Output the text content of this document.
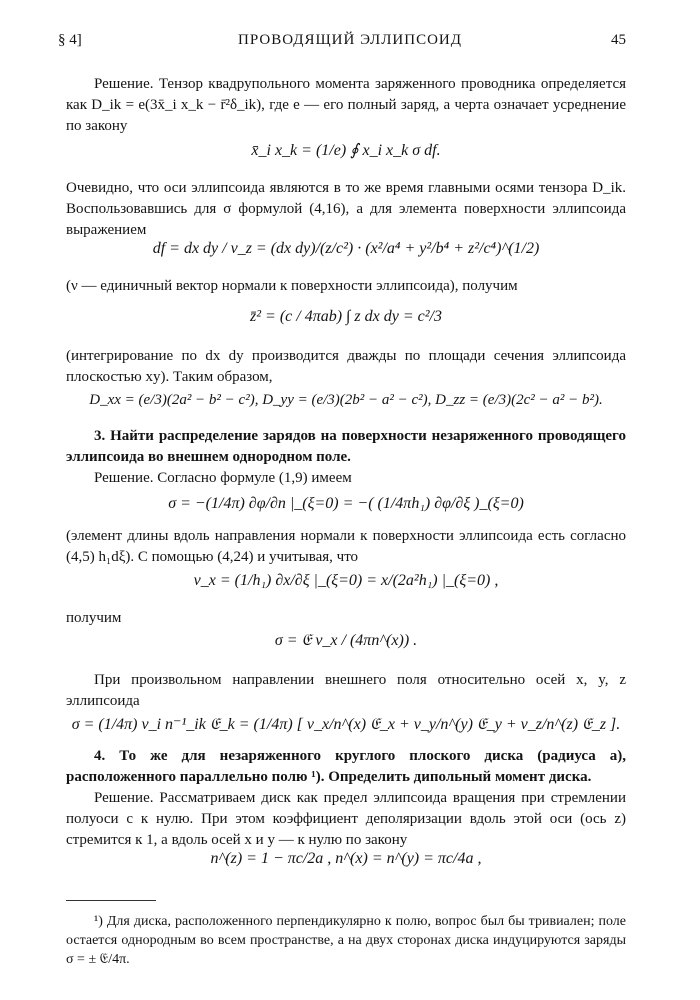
§ 4]	ПРОВОДЯЩИЙ ЭЛЛИПСОИД	45
Решение. Тензор квадрупольного момента заряженного проводника определяется как D_ik = e(3x̄_i x_k − r̄²δ_ik), где e — его полный заряд, а черта означает усреднение по закону
x̄_i x_k = (1/e) ∮ x_i x_k σ df.
Очевидно, что оси эллипсоида являются в то же время главными осями тензора D_ik. Воспользовавшись для σ формулой (4,16), а для элемента поверхности эллипсоида выражением
df = dx dy / ν_z = (dx dy)/(z/c²) · (x²/a⁴ + y²/b⁴ + z²/c⁴)^(1/2)
(ν — единичный вектор нормали к поверхности эллипсоида), получим
z̄² = (c / 4πab) ∫ z dx dy = c²/3
(интегрирование по dx dy производится дважды по площади сечения эллипсоида плоскостью xy). Таким образом,
D_xx = (e/3)(2a² − b² − c²), D_yy = (e/3)(2b² − a² − c²), D_zz = (e/3)(2c² − a² − b²).
3. Найти распределение зарядов на поверхности незаряженного проводящего эллипсоида во внешнем однородном поле.
Решение. Согласно формуле (1,9) имеем
σ = −(1/4π) ∂φ/∂n |_(ξ=0) = −( (1/4πh₁) ∂φ/∂ξ )_(ξ=0)
(элемент длины вдоль направления нормали к поверхности эллипсоида есть согласно (4,5) h₁dξ). С помощью (4,24) и учитывая, что
ν_x = (1/h₁) ∂x/∂ξ |_(ξ=0) = x/(2a²h₁) |_(ξ=0) ,
получим
σ = 𝔈 ν_x / (4πn^(x)) .
При произвольном направлении внешнего поля относительно осей x, y, z эллипсоида
σ = (1/4π) ν_i n⁻¹_ik 𝔈_k = (1/4π) [ ν_x/n^(x) 𝔈_x + ν_y/n^(y) 𝔈_y + ν_z/n^(z) 𝔈_z ].
4. То же для незаряженного круглого плоского диска (радиуса a), расположенного параллельно полю ¹). Определить дипольный момент диска.
Решение. Рассматриваем диск как предел эллипсоида вращения при стремлении полуоси c к нулю. При этом коэффициент деполяризации вдоль этой оси (ось z) стремится к 1, а вдоль осей x и y — к нулю по закону
n^(z) = 1 − πc/2a , n^(x) = n^(y) = πc/4a ,
¹) Для диска, расположенного перпендикулярно к полю, вопрос был бы тривиален; поле остается однородным во всем пространстве, а на двух сторонах диска индуцируются заряды σ = ± 𝔈/4π.
